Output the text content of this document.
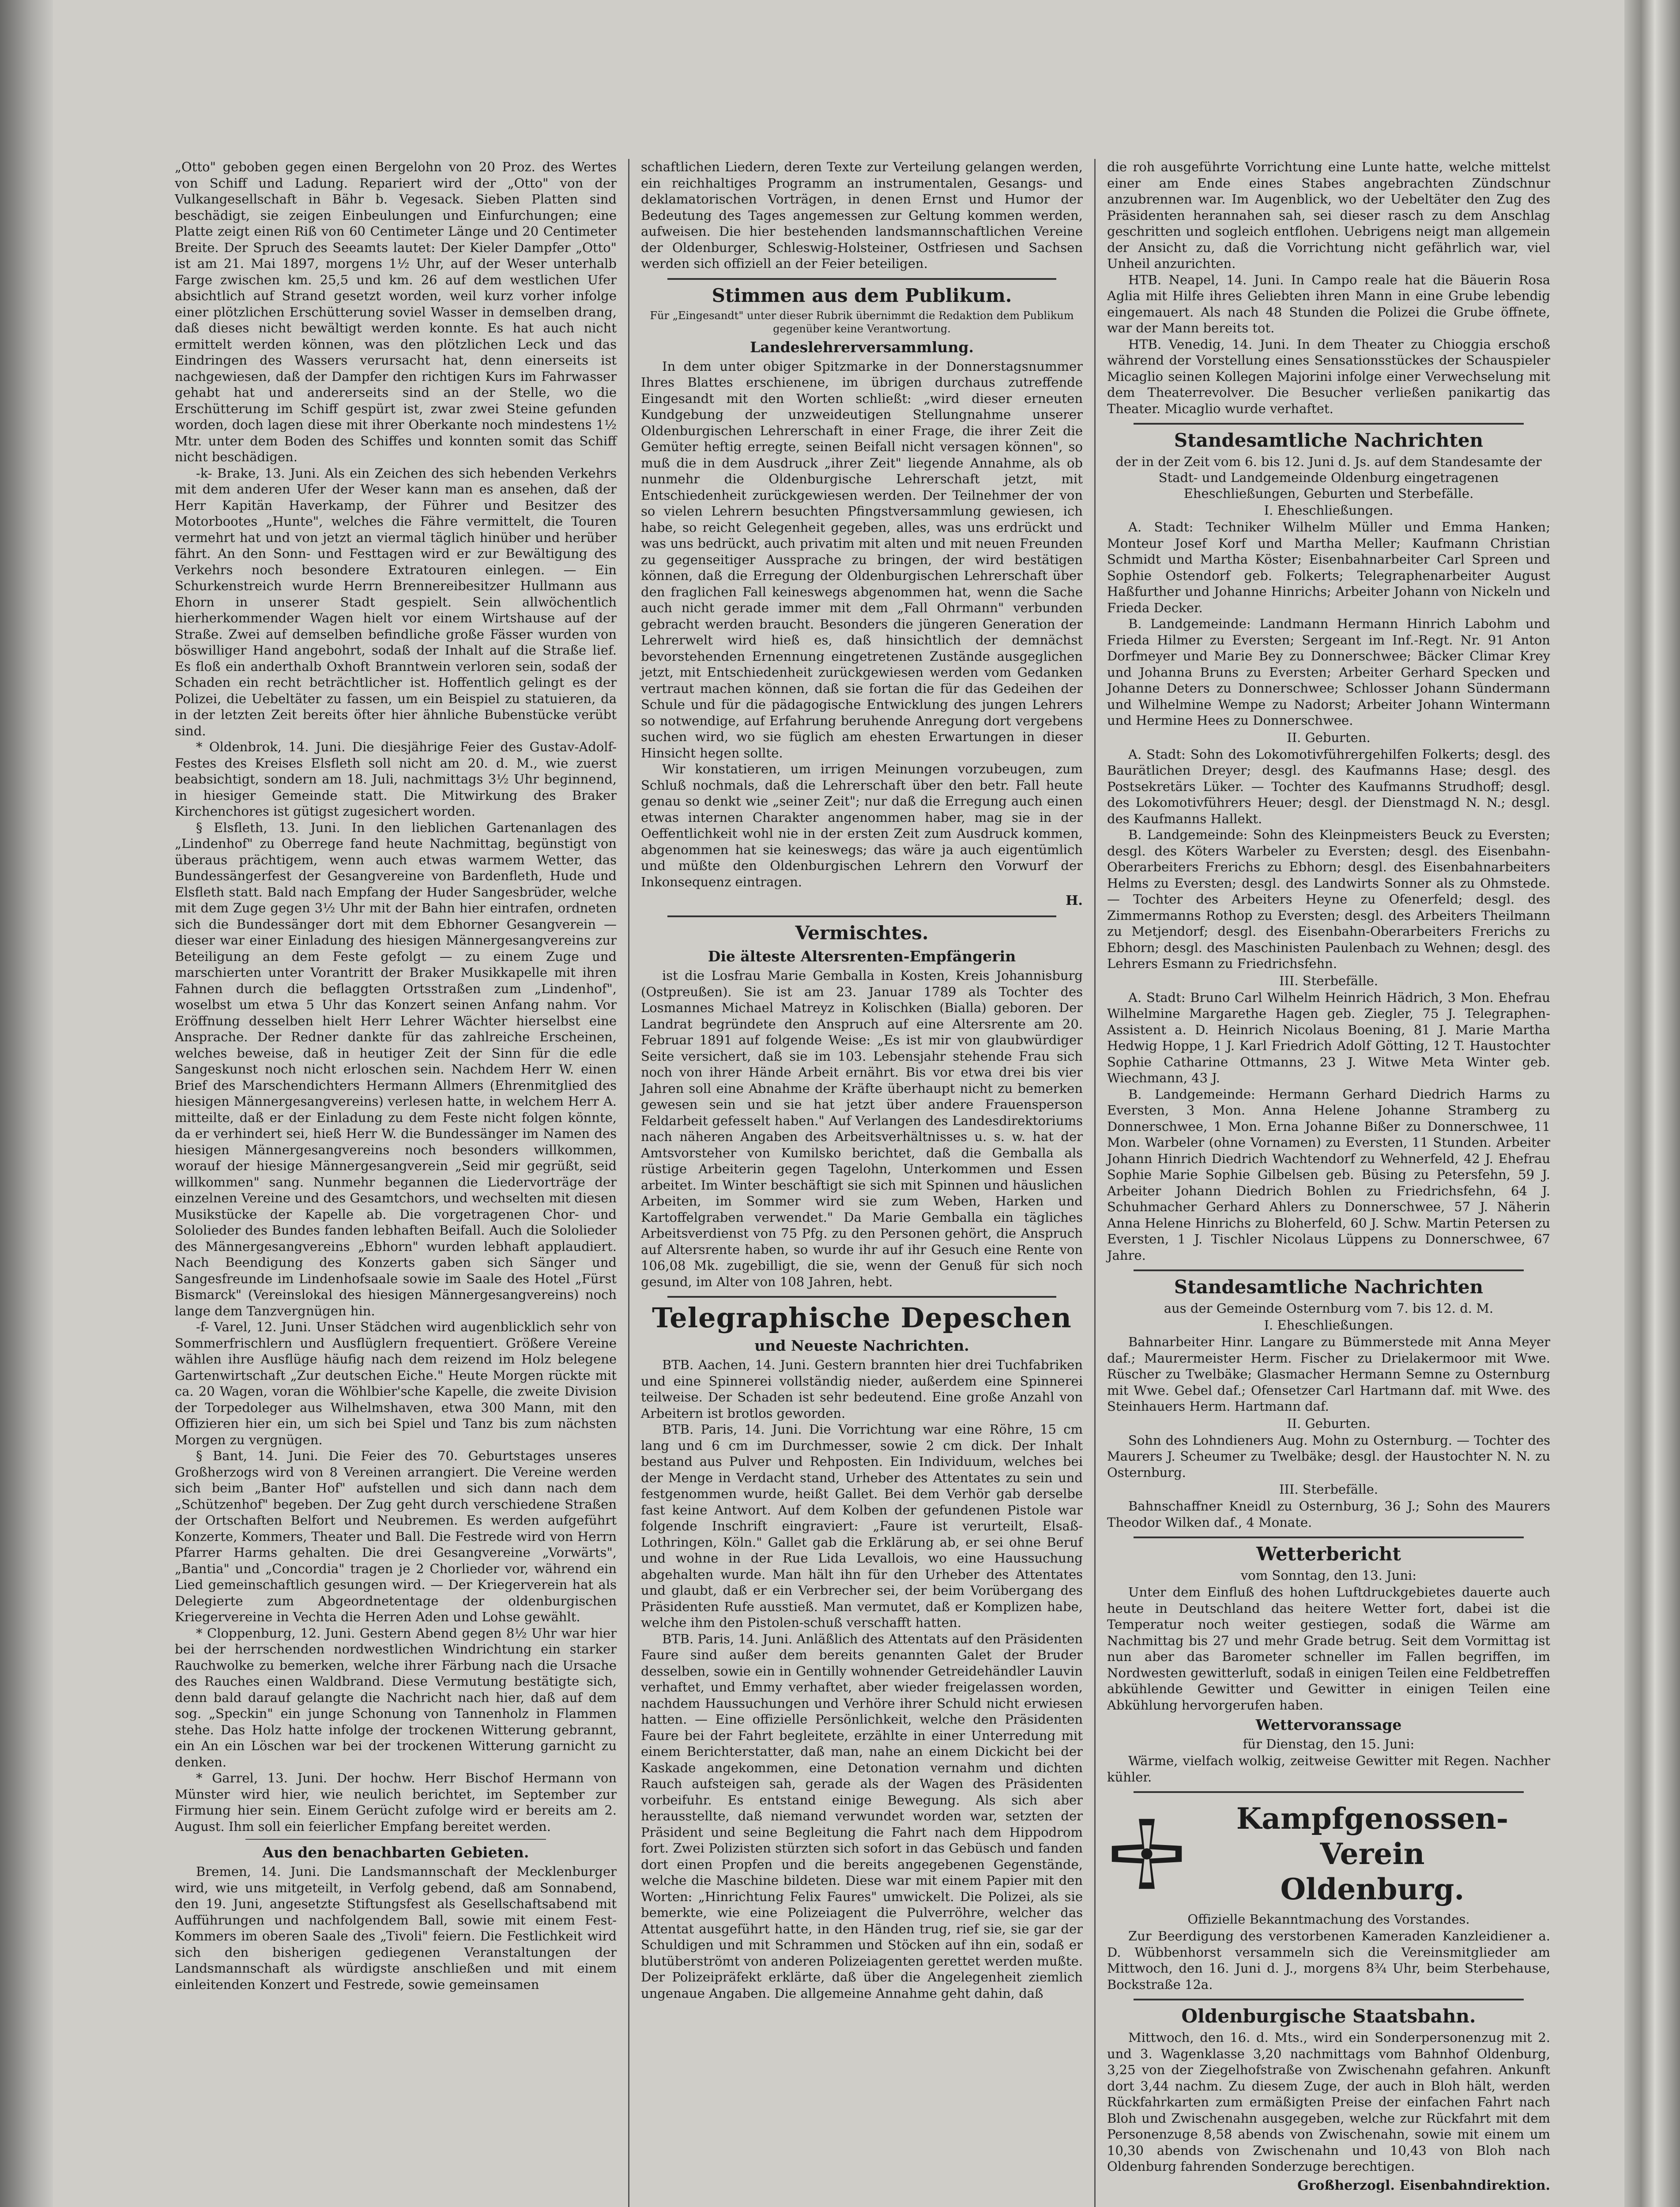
„Otto" geboben gegen einen Bergelohn von 20 Proz. des Wertes von Schiff und Ladung. Repariert wird der „Otto" von der Vulkangesellschaft in Bähr b. Vegesack. Sieben Platten sind beschädigt, sie zeigen Einbeulungen und Einfurchungen; eine Platte zeigt einen Riß von 60 Centimeter Länge und 20 Centimeter Breite. Der Spruch des Seeamts lautet: Der Kieler Dampfer „Otto" ist am 21. Mai 1897, morgens 1½ Uhr, auf der Weser unterhalb Farge zwischen km. 25,5 und km. 26 auf dem westlichen Ufer absichtlich auf Strand gesetzt worden, weil kurz vorher infolge einer plötzlichen Erschütterung soviel Wasser in demselben drang, daß dieses nicht bewältigt werden konnte. Es hat auch nicht ermittelt werden können, was den plötzlichen Leck und das Eindringen des Wassers verursacht hat, denn einerseits ist nachgewiesen, daß der Dampfer den richtigen Kurs im Fahrwasser gehabt hat und andererseits sind an der Stelle, wo die Erschütterung im Schiff gespürt ist, zwar zwei Steine gefunden worden, doch lagen diese mit ihrer Oberkante noch mindestens 1½ Mtr. unter dem Boden des Schiffes und konnten somit das Schiff nicht beschädigen.

-k- Brake, 13. Juni. Als ein Zeichen des sich hebenden Verkehrs mit dem anderen Ufer der Weser kann man es ansehen, daß der Herr Kapitän Haverkamp, der Führer und Besitzer des Motorbootes „Hunte", welches die Fähre vermittelt, die Touren vermehrt hat und von jetzt an viermal täglich hinüber und herüber fährt. An den Sonn- und Festtagen wird er zur Bewältigung des Verkehrs noch besondere Extratouren einlegen. — Ein Schurkenstreich wurde Herrn Brennereibesitzer Hullmann aus Ehorn in unserer Stadt gespielt. Sein allwöchentlich hierherkommender Wagen hielt vor einem Wirtshause auf der Straße. Zwei auf demselben befindliche große Fässer wurden von böswilliger Hand angebohrt, sodaß der Inhalt auf die Straße lief. Es floß ein anderthalb Oxhoft Branntwein verloren sein, sodaß der Schaden ein recht beträchtlicher ist. Hoffentlich gelingt es der Polizei, die Uebeltäter zu fassen, um ein Beispiel zu statuieren, da in der letzten Zeit bereits öfter hier ähnliche Bubenstücke verübt sind.

* Oldenbrok, 14. Juni. Die diesjährige Feier des Gustav-Adolf-Festes des Kreises Elsfleth soll nicht am 20. d. M., wie zuerst beabsichtigt, sondern am 18. Juli, nachmittags 3½ Uhr beginnend, in hiesiger Gemeinde statt. Die Mitwirkung des Braker Kirchenchores ist gütigst zugesichert worden.

§ Elsfleth, 13. Juni. In den lieblichen Gartenanlagen des „Lindenhof" zu Oberrege fand heute Nachmittag, begünstigt von überaus prächtigem, wenn auch etwas warmem Wetter, das Bundessängerfest der Gesangvereine von Bardenfleth, Hude und Elsfleth statt. Bald nach Empfang der Huder Sangesbrüder, welche mit dem Zuge gegen 3½ Uhr mit der Bahn hier eintrafen, ordneten sich die Bundessänger dort mit dem Ebhorner Gesangverein — dieser war einer Einladung des hiesigen Männergesangvereins zur Beteiligung an dem Feste gefolgt — zu einem Zuge und marschierten unter Vorantritt der Braker Musikkapelle mit ihren Fahnen durch die beflaggten Ortsstraßen zum „Lindenhof", woselbst um etwa 5 Uhr das Konzert seinen Anfang nahm. Vor Eröffnung desselben hielt Herr Lehrer Wächter hierselbst eine Ansprache. Der Redner dankte für das zahlreiche Erscheinen, welches beweise, daß in heutiger Zeit der Sinn für die edle Sangeskunst noch nicht erloschen sein. Nachdem Herr W. einen Brief des Marschendichters Hermann Allmers (Ehrenmitglied des hiesigen Männergesangvereins) verlesen hatte, in welchem Herr A. mitteilte, daß er der Einladung zu dem Feste nicht folgen könnte, da er verhindert sei, hieß Herr W. die Bundessänger im Namen des hiesigen Männergesangvereins noch besonders willkommen, worauf der hiesige Männergesangverein „Seid mir gegrüßt, seid willkommen" sang. Nunmehr begannen die Liedervorträge der einzelnen Vereine und des Gesamtchors, und wechselten mit diesen Musikstücke der Kapelle ab. Die vorgetragenen Chor- und Sololieder des Bundes fanden lebhaften Beifall. Auch die Sololieder des Männergesangvereins „Ebhorn" wurden lebhaft applaudiert. Nach Beendigung des Konzerts gaben sich Sänger und Sangesfreunde im Lindenhofsaale sowie im Saale des Hotel „Fürst Bismarck" (Vereinslokal des hiesigen Männergesangvereins) noch lange dem Tanzvergnügen hin.

-f- Varel, 12. Juni. Unser Städchen wird augenblicklich sehr von Sommerfrischlern und Ausflüglern frequentiert. Größere Vereine wählen ihre Ausflüge häufig nach dem reizend im Holz belegene Gartenwirtschaft „Zur deutschen Eiche." Heute Morgen rückte mit ca. 20 Wagen, voran die Wöhlbier'sche Kapelle, die zweite Division der Torpedoleger aus Wilhelmshaven, etwa 300 Mann, mit den Offizieren hier ein, um sich bei Spiel und Tanz bis zum nächsten Morgen zu vergnügen.

§ Bant, 14. Juni. Die Feier des 70. Geburtstages unseres Großherzogs wird von 8 Vereinen arrangiert. Die Vereine werden sich beim „Banter Hof" aufstellen und sich dann nach dem „Schützenhof" begeben. Der Zug geht durch verschiedene Straßen der Ortschaften Belfort und Neubremen. Es werden aufgeführt Konzerte, Kommers, Theater und Ball. Die Festrede wird von Herrn Pfarrer Harms gehalten. Die drei Gesangvereine „Vorwärts", „Bantia" und „Concordia" tragen je 2 Chorlieder vor, während ein Lied gemeinschaftlich gesungen wird. — Der Kriegerverein hat als Delegierte zum Abgeordnetentage der oldenburgischen Kriegervereine in Vechta die Herren Aden und Lohse gewählt.

* Cloppenburg, 12. Juni. Gestern Abend gegen 8½ Uhr war hier bei der herrschenden nordwestlichen Windrichtung ein starker Rauchwolke zu bemerken, welche ihrer Färbung nach die Ursache des Rauches einen Waldbrand. Diese Vermutung bestätigte sich, denn bald darauf gelangte die Nachricht nach hier, daß auf dem sog. „Speckin" ein junge Schonung von Tannenholz in Flammen stehe. Das Holz hatte infolge der trockenen Witterung gebrannt, ein An ein Löschen war bei der trockenen Witterung garnicht zu denken.

* Garrel, 13. Juni. Der hochw. Herr Bischof Hermann von Münster wird hier, wie neulich berichtet, im September zur Firmung hier sein. Einem Gerücht zufolge wird er bereits am 2. August. Ihm soll ein feierlicher Empfang bereitet werden.

Aus den benachbarten Gebieten.

Bremen, 14. Juni. Die Landsmannschaft der Mecklenburger wird, wie uns mitgeteilt, in Verfolg gebend, daß am Sonnabend, den 19. Juni, angesetzte Stiftungsfest als Gesellschaftsabend mit Aufführungen und nachfolgendem Ball, sowie mit einem Fest-Kommers im oberen Saale des „Tivoli" feiern. Die Festlichkeit wird sich den bisherigen gediegenen Veranstaltungen der Landsmannschaft als würdigste anschließen und mit einem einleitenden Konzert und Festrede, sowie gemeinsamen

schaftlichen Liedern, deren Texte zur Verteilung gelangen werden, ein reichhaltiges Programm an instrumentalen, Gesangs- und deklamatorischen Vorträgen, in denen Ernst und Humor der Bedeutung des Tages angemessen zur Geltung kommen werden, aufweisen. Die hier bestehenden landsmannschaftlichen Vereine der Oldenburger, Schleswig-Holsteiner, Ostfriesen und Sachsen werden sich offiziell an der Feier beteiligen.

Stimmen aus dem Publikum.
Für „Eingesandt" unter dieser Rubrik übernimmt die Redaktion dem Publikum gegenüber keine Verantwortung.
Landeslehrerversammlung.

In dem unter obiger Spitzmarke in der Donnerstagsnummer Ihres Blattes erschienene, im übrigen durchaus zutreffende Eingesandt mit den Worten schließt: „wird dieser erneuten Kundgebung der unzweideutigen Stellungnahme unserer Oldenburgischen Lehrerschaft in einer Frage, die ihrer Zeit die Gemüter heftig erregte, seinen Beifall nicht versagen können", so muß die in dem Ausdruck „ihrer Zeit" liegende Annahme, als ob nunmehr die Oldenburgische Lehrerschaft jetzt, mit Entschiedenheit zurückgewiesen werden. Der Teilnehmer der von so vielen Lehrern besuchten Pfingstversammlung gewiesen, ich habe, so reicht Gelegenheit gegeben, alles, was uns erdrückt und was uns bedrückt, auch privatim mit alten und mit neuen Freunden zu gegenseitiger Aussprache zu bringen, der wird bestätigen können, daß die Erregung der Oldenburgischen Lehrerschaft über den fraglichen Fall keineswegs abgenommen hat, wenn die Sache auch nicht gerade immer mit dem „Fall Ohrmann" verbunden gebracht werden braucht. Besonders die jüngeren Generation der Lehrerwelt wird hieß es, daß hinsichtlich der demnächst bevorstehenden Ernennung eingetretenen Zustände ausgeglichen jetzt, mit Entschiedenheit zurückgewiesen werden vom Gedanken vertraut machen können, daß sie fortan die für das Gedeihen der Schule und für die pädagogische Entwicklung des jungen Lehrers so notwendige, auf Erfahrung beruhende Anregung dort vergebens suchen wird, wo sie füglich am ehesten Erwartungen in dieser Hinsicht hegen sollte.

Wir konstatieren, um irrigen Meinungen vorzubeugen, zum Schluß nochmals, daß die Lehrerschaft über den betr. Fall heute genau so denkt wie „seiner Zeit"; nur daß die Erregung auch einen etwas internen Charakter angenommen haber, mag sie in der Oeffentlichkeit wohl nie in der ersten Zeit zum Ausdruck kommen, abgenommen hat sie keineswegs; das wäre ja auch eigentümlich und müßte den Oldenburgischen Lehrern den Vorwurf der Inkonsequenz eintragen.

H.
Vermischtes.
Die älteste Altersrenten-Empfängerin

ist die Losfrau Marie Gemballa in Kosten, Kreis Johannisburg (Ostpreußen). Sie ist am 23. Januar 1789 als Tochter des Losmannes Michael Matreyz in Kolischken (Bialla) geboren. Der Landrat begründete den Anspruch auf eine Altersrente am 20. Februar 1891 auf folgende Weise: „Es ist mir von glaubwürdiger Seite versichert, daß sie im 103. Lebensjahr stehende Frau sich noch von ihrer Hände Arbeit ernährt. Bis vor etwa drei bis vier Jahren soll eine Abnahme der Kräfte überhaupt nicht zu bemerken gewesen sein und sie hat jetzt über andere Frauensperson Feldarbeit gefesselt haben." Auf Verlangen des Landesdirektoriums nach näheren Angaben des Arbeitsverhältnisses u. s. w. hat der Amtsvorsteher von Kumilsko berichtet, daß die Gemballa als rüstige Arbeiterin gegen Tagelohn, Unterkommen und Essen arbeitet. Im Winter beschäftigt sie sich mit Spinnen und häuslichen Arbeiten, im Sommer wird sie zum Weben, Harken und Kartoffelgraben verwendet." Da Marie Gemballa ein tägliches Arbeitsverdienst von 75 Pfg. zu den Personen gehört, die Anspruch auf Altersrente haben, so wurde ihr auf ihr Gesuch eine Rente von 106,08 Mk. zugebilligt, die sie, wenn der Genuß für sich noch gesund, im Alter von 108 Jahren, hebt.

Telegraphische Depeschen
und Neueste Nachrichten.

BTB. Aachen, 14. Juni. Gestern brannten hier drei Tuchfabriken und eine Spinnerei vollständig nieder, außerdem eine Spinnerei teilweise. Der Schaden ist sehr bedeutend. Eine große Anzahl von Arbeitern ist brotlos geworden.

BTB. Paris, 14. Juni. Die Vorrichtung war eine Röhre, 15 cm lang und 6 cm im Durchmesser, sowie 2 cm dick. Der Inhalt bestand aus Pulver und Rehposten. Ein Individuum, welches bei der Menge in Verdacht stand, Urheber des Attentates zu sein und festgenommen wurde, heißt Gallet. Bei dem Verhör gab derselbe fast keine Antwort. Auf dem Kolben der gefundenen Pistole war folgende Inschrift eingraviert: „Faure ist verurteilt, Elsaß-Lothringen, Köln." Gallet gab die Erklärung ab, er sei ohne Beruf und wohne in der Rue Lida Levallois, wo eine Haussuchung abgehalten wurde. Man hält ihn für den Urheber des Attentates und glaubt, daß er ein Verbrecher sei, der beim Vorübergang des Präsidenten Rufe ausstieß. Man vermutet, daß er Komplizen habe, welche ihm den Pistolen-schuß verschafft hatten.

BTB. Paris, 14. Juni. Anläßlich des Attentats auf den Präsidenten Faure sind außer dem bereits genannten Galet der Bruder desselben, sowie ein in Gentilly wohnender Getreidehändler Lauvin verhaftet, und Emmy verhaftet, aber wieder freigelassen worden, nachdem Haussuchungen und Verhöre ihrer Schuld nicht erwiesen hatten. — Eine offizielle Persönlichkeit, welche den Präsidenten Faure bei der Fahrt begleitete, erzählte in einer Unterredung mit einem Berichterstatter, daß man, nahe an einem Dickicht bei der Kaskade angekommen, eine Detonation vernahm und dichten Rauch aufsteigen sah, gerade als der Wagen des Präsidenten vorbeifuhr. Es entstand einige Bewegung. Als sich aber herausstellte, daß niemand verwundet worden war, setzten der Präsident und seine Begleitung die Fahrt nach dem Hippodrom fort. Zwei Polizisten stürzten sich sofort in das Gebüsch und fanden dort einen Propfen und die bereits angegebenen Gegenstände, welche die Maschine bildeten. Diese war mit einem Papier mit den Worten: „Hinrichtung Felix Faures" umwickelt. Die Polizei, als sie bemerkte, wie eine Polizeiagent die Pulverröhre, welcher das Attentat ausgeführt hatte, in den Händen trug, rief sie, sie gar der Schuldigen und mit Schrammen und Stöcken auf ihn ein, sodaß er blutüberströmt von anderen Polizeiagenten gerettet werden mußte. Der Polizeipräfekt erklärte, daß über die Angelegenheit ziemlich ungenaue Angaben. Die allgemeine Annahme geht dahin, daß

die roh ausgeführte Vorrichtung eine Lunte hatte, welche mittelst einer am Ende eines Stabes angebrachten Zündschnur anzubrennen war. Im Augenblick, wo der Uebeltäter den Zug des Präsidenten herannahen sah, sei dieser rasch zu dem Anschlag geschritten und sogleich entflohen. Uebrigens neigt man allgemein der Ansicht zu, daß die Vorrichtung nicht gefährlich war, viel Unheil anzurichten.

HTB. Neapel, 14. Juni. In Campo reale hat die Bäuerin Rosa Aglia mit Hilfe ihres Geliebten ihren Mann in eine Grube lebendig eingemauert. Als nach 48 Stunden die Polizei die Grube öffnete, war der Mann bereits tot.

HTB. Venedig, 14. Juni. In dem Theater zu Chioggia erschoß während der Vorstellung eines Sensationsstückes der Schauspieler Micaglio seinen Kollegen Majorini infolge einer Verwechselung mit dem Theaterrevolver. Die Besucher verließen panikartig das Theater. Micaglio wurde verhaftet.

Standesamtliche Nachrichten
der in der Zeit vom 6. bis 12. Juni d. Js. auf dem Standesamte der Stadt- und Landgemeinde Oldenburg eingetragenen Eheschließungen, Geburten und Sterbefälle.
I. Eheschließungen.

A. Stadt: Techniker Wilhelm Müller und Emma Hanken; Monteur Josef Korf und Martha Meller; Kaufmann Christian Schmidt und Martha Köster; Eisenbahnarbeiter Carl Spreen und Sophie Ostendorf geb. Folkerts; Telegraphenarbeiter August Haßfurther und Johanne Hinrichs; Arbeiter Johann von Nickeln und Frieda Decker.

B. Landgemeinde: Landmann Hermann Hinrich Labohm und Frieda Hilmer zu Eversten; Sergeant im Inf.-Regt. Nr. 91 Anton Dorfmeyer und Marie Bey zu Donnerschwee; Bäcker Climar Krey und Johanna Bruns zu Eversten; Arbeiter Gerhard Specken und Johanne Deters zu Donnerschwee; Schlosser Johann Sündermann und Wilhelmine Wempe zu Nadorst; Arbeiter Johann Wintermann und Hermine Hees zu Donnerschwee.

II. Geburten.

A. Stadt: Sohn des Lokomotivführergehilfen Folkerts; desgl. des Baurätlichen Dreyer; desgl. des Kaufmanns Hase; desgl. des Postsekretärs Lüker. — Tochter des Kaufmanns Strudhoff; desgl. des Lokomotivführers Heuer; desgl. der Dienstmagd N. N.; desgl. des Kaufmanns Hallekt.

B. Landgemeinde: Sohn des Kleinpmeisters Beuck zu Eversten; desgl. des Köters Warbeler zu Eversten; desgl. des Eisenbahn-Oberarbeiters Frerichs zu Ebhorn; desgl. des Eisenbahnarbeiters Helms zu Eversten; desgl. des Landwirts Sonner als zu Ohmstede. — Tochter des Arbeiters Heyne zu Ofenerfeld; desgl. des Zimmermanns Rothop zu Eversten; desgl. des Arbeiters Theilmann zu Metjendorf; desgl. des Eisenbahn-Oberarbeiters Frerichs zu Ebhorn; desgl. des Maschinisten Paulenbach zu Wehnen; desgl. des Lehrers Esmann zu Friedrichsfehn.

III. Sterbefälle.

A. Stadt: Bruno Carl Wilhelm Heinrich Hädrich, 3 Mon. Ehefrau Wilhelmine Margarethe Hagen geb. Ziegler, 75 J. Telegraphen-Assistent a. D. Heinrich Nicolaus Boening, 81 J. Marie Martha Hedwig Hoppe, 1 J. Karl Friedrich Adolf Götting, 12 T. Haustochter Sophie Catharine Ottmanns, 23 J. Witwe Meta Winter geb. Wiechmann, 43 J.

B. Landgemeinde: Hermann Gerhard Diedrich Harms zu Eversten, 3 Mon. Anna Helene Johanne Stramberg zu Donnerschwee, 1 Mon. Erna Johanne Bißer zu Donnerschwee, 11 Mon. Warbeler (ohne Vornamen) zu Eversten, 11 Stunden. Arbeiter Johann Hinrich Diedrich Wachtendorf zu Wehnerfeld, 42 J. Ehefrau Sophie Marie Sophie Gilbelsen geb. Büsing zu Petersfehn, 59 J. Arbeiter Johann Diedrich Bohlen zu Friedrichsfehn, 64 J. Schuhmacher Gerhard Ahlers zu Donnerschwee, 57 J. Näherin Anna Helene Hinrichs zu Bloherfeld, 60 J. Schw. Martin Petersen zu Eversten, 1 J. Tischler Nicolaus Lüppens zu Donnerschwee, 67 Jahre.

Standesamtliche Nachrichten
aus der Gemeinde Osternburg vom 7. bis 12. d. M.
I. Eheschließungen.

Bahnarbeiter Hinr. Langare zu Bümmerstede mit Anna Meyer daf.; Maurermeister Herm. Fischer zu Drielakermoor mit Wwe. Rüscher zu Twelbäke; Glasmacher Hermann Semne zu Osternburg mit Wwe. Gebel daf.; Ofensetzer Carl Hartmann daf. mit Wwe. des Steinhauers Herm. Hartmann daf.

II. Geburten.

Sohn des Lohndieners Aug. Mohn zu Osternburg. — Tochter des Maurers J. Scheumer zu Twelbäke; desgl. der Haustochter N. N. zu Osternburg.

III. Sterbefälle.

Bahnschaffner Kneidl zu Osternburg, 36 J.; Sohn des Maurers Theodor Wilken daf., 4 Monate.

Wetterbericht
vom Sonntag, den 13. Juni:

Unter dem Einfluß des hohen Luftdruckgebietes dauerte auch heute in Deutschland das heitere Wetter fort, dabei ist die Temperatur noch weiter gestiegen, sodaß die Wärme am Nachmittag bis 27 und mehr Grade betrug. Seit dem Vormittag ist nun aber das Barometer schneller im Fallen begriffen, im Nordwesten gewitterluft, sodaß in einigen Teilen eine Feldbetreffen abkühlende Gewitter und Gewitter in einigen Teilen eine Abkühlung hervorgerufen haben.

Wettervoranssage
für Dienstag, den 15. Juni:

Wärme, vielfach wolkig, zeitweise Gewitter mit Regen. Nachher kühler.

Kampfgenossen-Verein
Oldenburg.
Offizielle Bekanntmachung des Vorstandes.

Zur Beerdigung des verstorbenen Kameraden Kanzleidiener a. D. Wübbenhorst versammeln sich die Vereinsmitglieder am Mittwoch, den 16. Juni d. J., morgens 8¾ Uhr, beim Sterbehause, Bockstraße 12a.

Oldenburgische Staatsbahn.

Mittwoch, den 16. d. Mts., wird ein Sonderpersonenzug mit 2. und 3. Wagenklasse 3,20 nachmittags vom Bahnhof Oldenburg, 3,25 von der Ziegelhofstraße von Zwischenahn gefahren. Ankunft dort 3,44 nachm. Zu diesem Zuge, der auch in Bloh hält, werden Rückfahrkarten zum ermäßigten Preise der einfachen Fahrt nach Bloh und Zwischenahn ausgegeben, welche zur Rückfahrt mit dem Personenzuge 8,58 abends von Zwischenahn, sowie mit einem um 10,30 abends von Zwischenahn und 10,43 von Bloh nach Oldenburg fahrenden Sonderzuge berechtigen.

Großherzogl. Eisenbahndirektion.
